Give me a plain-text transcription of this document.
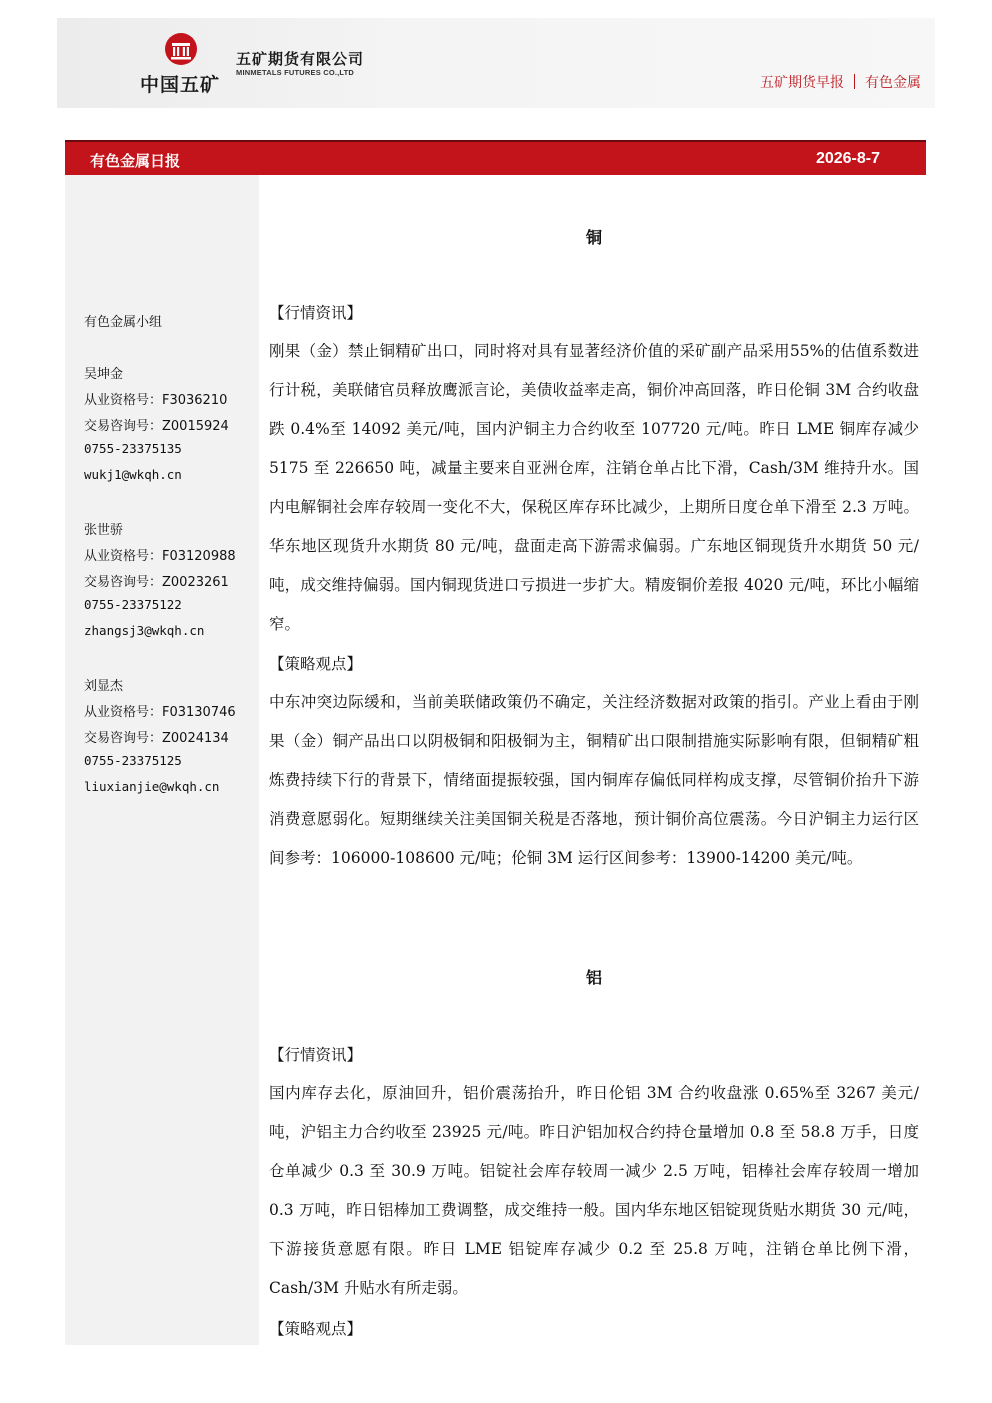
中国五矿
五矿期货有限公司
MINMETALS FUTURES CO.,LTD
五矿期货早报 有色金属
有色金属日报	2026-8-7
有色金属小组
吴坤金
从业资格号：F3036210
交易咨询号：Z0015924
0755-23375135
wukj1@wkqh.cn
张世骄
从业资格号：F03120988
交易咨询号：Z0023261
0755-23375122
zhangsj3@wkqh.cn
刘显杰
从业资格号：F03130746
交易咨询号：Z0024134
0755-23375125
liuxianjie@wkqh.cn
铜
【行情资讯】
刚果（金）禁止铜精矿出口，同时将对具有显著经济价值的采矿副产品采用55%的估值系数进行计税，美联储官员释放鹰派言论，美债收益率走高，铜价冲高回落，昨日伦铜 3M 合约收盘跌 0.4%至 14092 美元/吨，国内沪铜主力合约收至 107720 元/吨。昨日 LME 铜库存减少 5175 至 226650 吨，减量主要来自亚洲仓库，注销仓单占比下滑，Cash/3M 维持升水。国内电解铜社会库存较周一变化不大，保税区库存环比减少，上期所日度仓单下滑至 2.3 万吨。华东地区现货升水期货 80 元/吨，盘面走高下游需求偏弱。广东地区铜现货升水期货 50 元/吨，成交维持偏弱。国内铜现货进口亏损进一步扩大。精废铜价差报 4020 元/吨，环比小幅缩窄。
【策略观点】
中东冲突边际缓和，当前美联储政策仍不确定，关注经济数据对政策的指引。产业上看由于刚果（金）铜产品出口以阴极铜和阳极铜为主，铜精矿出口限制措施实际影响有限，但铜精矿粗炼费持续下行的背景下，情绪面提振较强，国内铜库存偏低同样构成支撑，尽管铜价抬升下游消费意愿弱化。短期继续关注美国铜关税是否落地，预计铜价高位震荡。今日沪铜主力运行区间参考：106000-108600 元/吨；伦铜 3M 运行区间参考：13900-14200 美元/吨。
铝
【行情资讯】
国内库存去化，原油回升，铝价震荡抬升，昨日伦铝 3M 合约收盘涨 0.65%至 3267 美元/吨，沪铝主力合约收至 23925 元/吨。昨日沪铝加权合约持仓量增加 0.8 至 58.8 万手，日度仓单减少 0.3 至 30.9 万吨。铝锭社会库存较周一减少 2.5 万吨，铝棒社会库存较周一增加 0.3 万吨，昨日铝棒加工费调整，成交维持一般。国内华东地区铝锭现货贴水期货 30 元/吨，下游接货意愿有限。昨日 LME 铝锭库存减少 0.2 至 25.8 万吨，注销仓单比例下滑，Cash/3M 升贴水有所走弱。
【策略观点】
